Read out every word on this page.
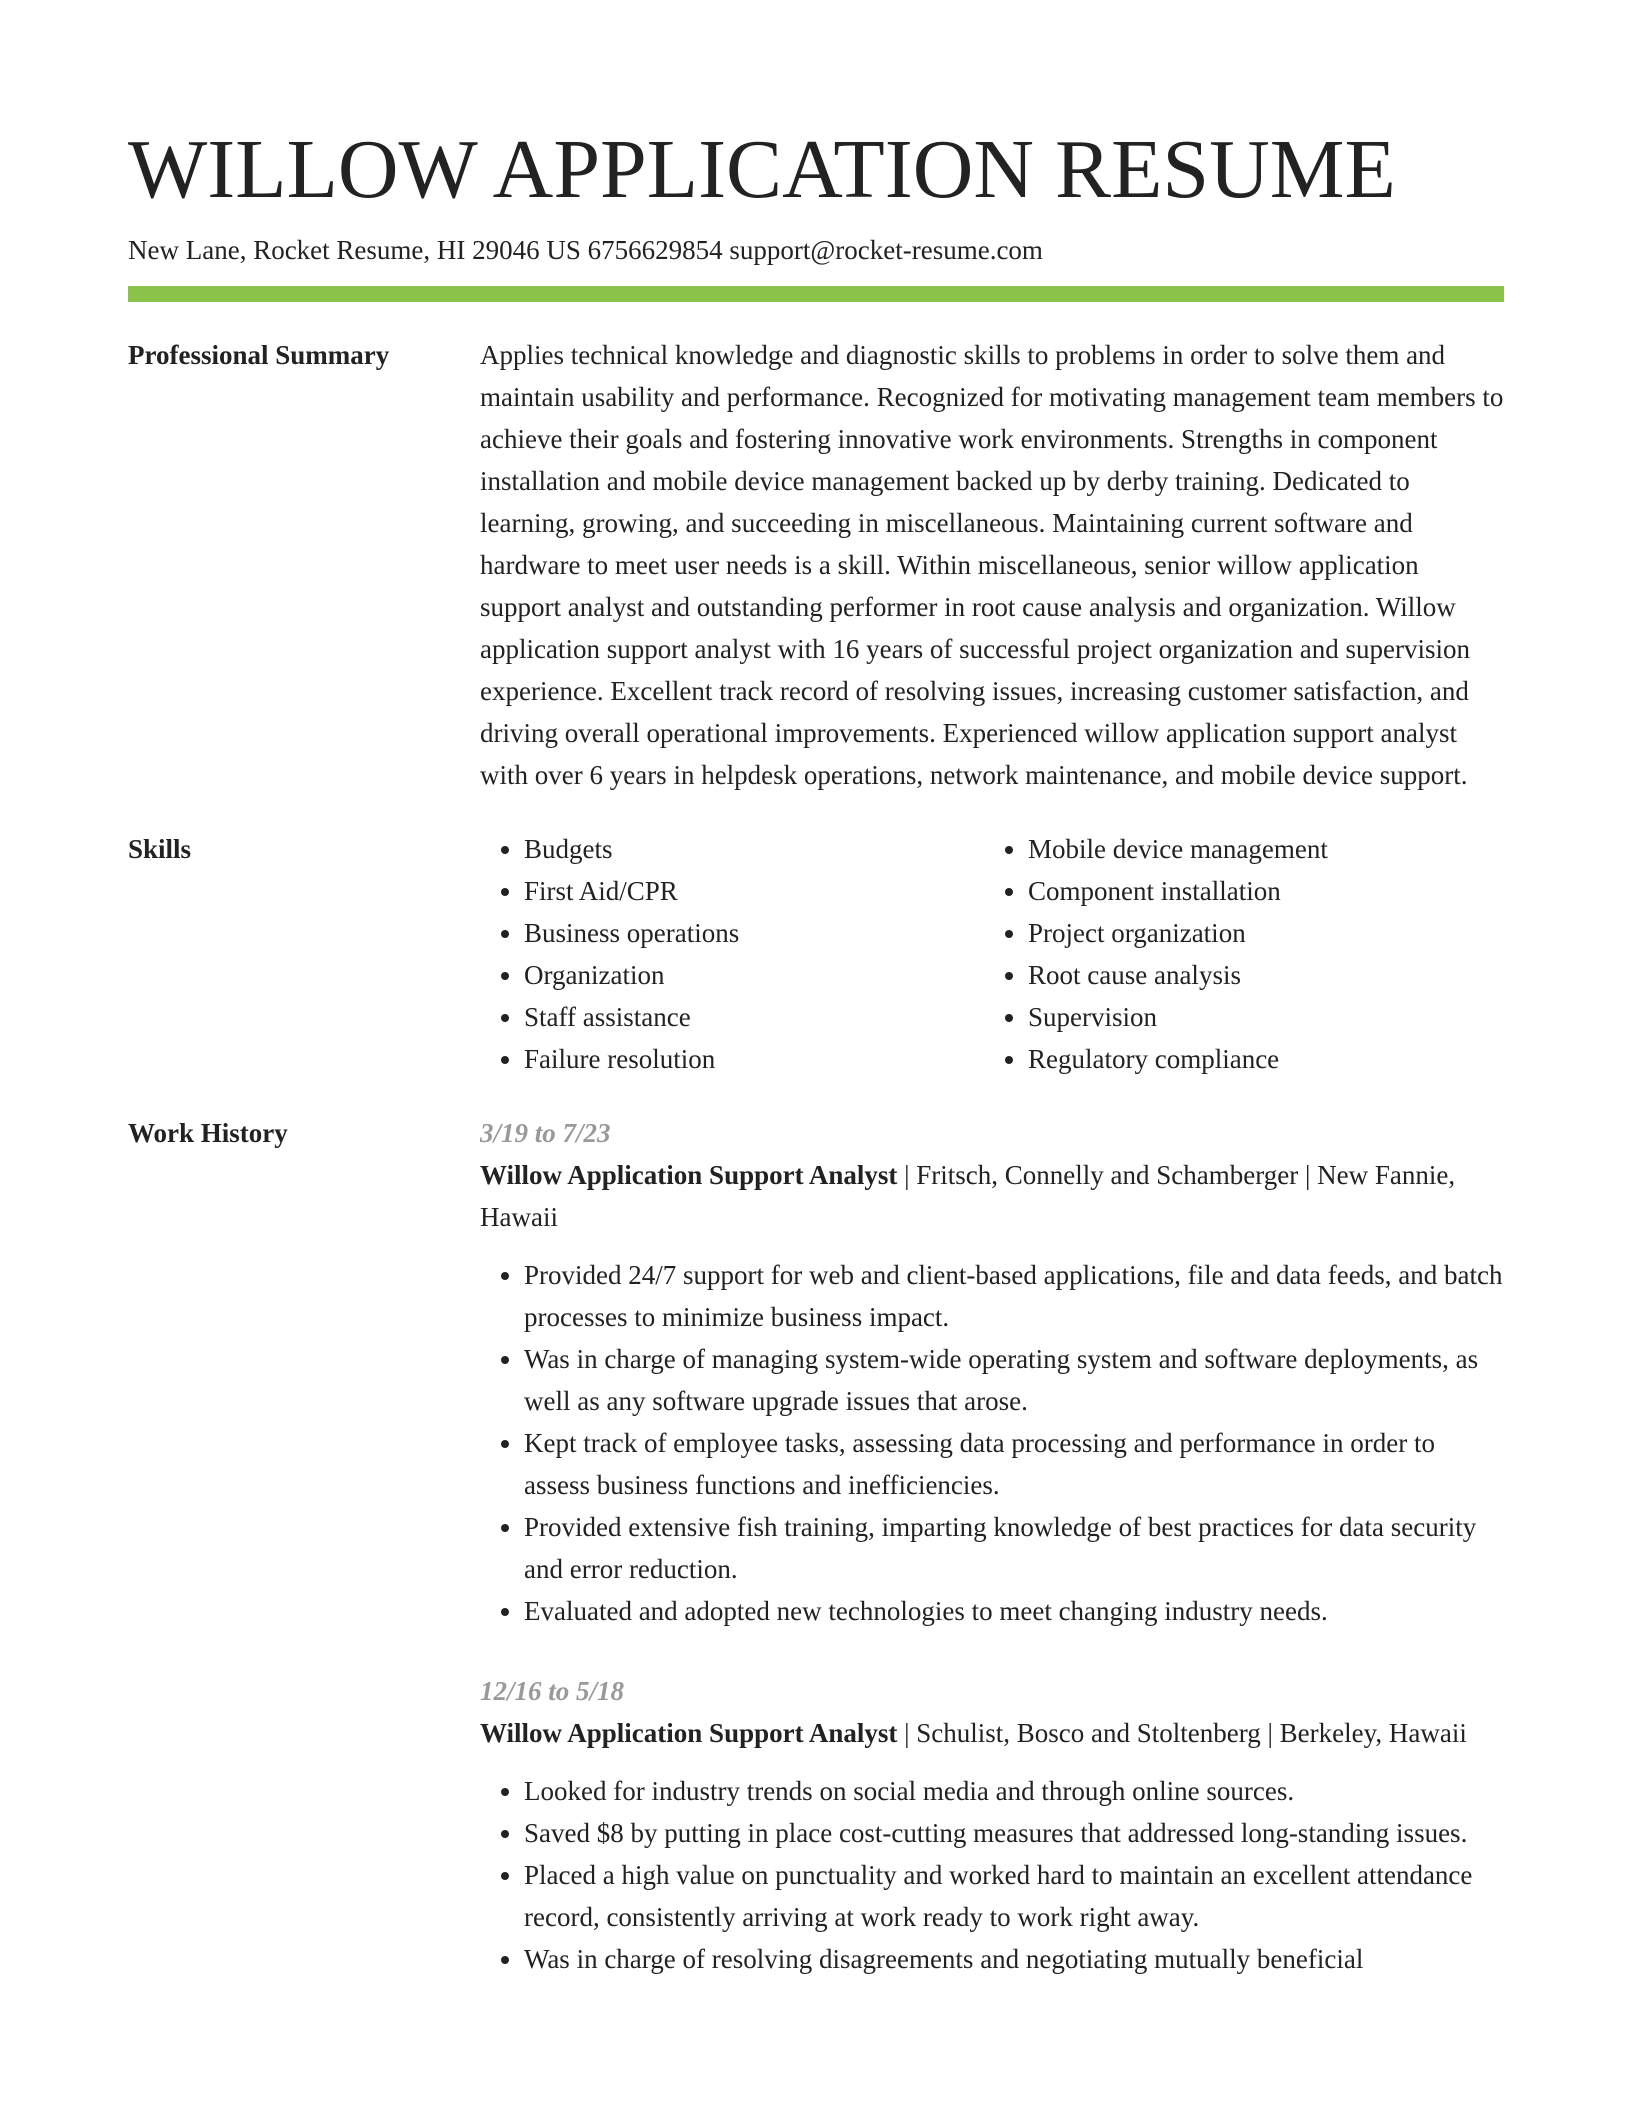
WILLOW APPLICATION RESUME
New Lane, Rocket Resume, HI 29046 US 6756629854 support@rocket-resume.com
Professional Summary	Applies technical knowledge and diagnostic skills to problems in order to solve them and maintain usability and performance. Recognized for motivating management team members to achieve their goals and fostering innovative work environments. Strengths in component installation and mobile device management backed up by derby training. Dedicated to learning, growing, and succeeding in miscellaneous. Maintaining current software and hardware to meet user needs is a skill. Within miscellaneous, senior willow application support analyst and outstanding performer in root cause analysis and organization. Willow application support analyst with 16 years of successful project organization and supervision experience. Excellent track record of resolving issues, increasing customer satisfaction, and driving overall operational improvements. Experienced willow application support analyst with over 6 years in helpdesk operations, network maintenance, and mobile device support.

Skills
•	Budgets
• First Aid/CPR
• Business operations
• Organization
• Staff assistance
• Failure resolution
• Mobile device management
• Component installation
• Project organization
• Root cause analysis
• Supervision
• Regulatory compliance
Work History	3/19 to 7/23
Willow Application Support Analyst | Fritsch, Connelly and Schamberger | New Fannie, Hawaii
• Provided 24/7 support for web and client-based applications, file and data feeds, and batch processes to minimize business impact.
• Was in charge of managing system-wide operating system and software deployments, as well as any software upgrade issues that arose.
• Kept track of employee tasks, assessing data processing and performance in order to assess business functions and inefficiencies.
• Provided extensive fish training, imparting knowledge of best practices for data security and error reduction.
• Evaluated and adopted new technologies to meet changing industry needs.
12/16 to 5/18
Willow Application Support Analyst | Schulist, Bosco and Stoltenberg | Berkeley, Hawaii
• Looked for industry trends on social media and through online sources.
• Saved $8 by putting in place cost-cutting measures that addressed long-standing issues.
• Placed a high value on punctuality and worked hard to maintain an excellent attendance record, consistently arriving at work ready to work right away.
• Was in charge of resolving disagreements and negotiating mutually beneficial
